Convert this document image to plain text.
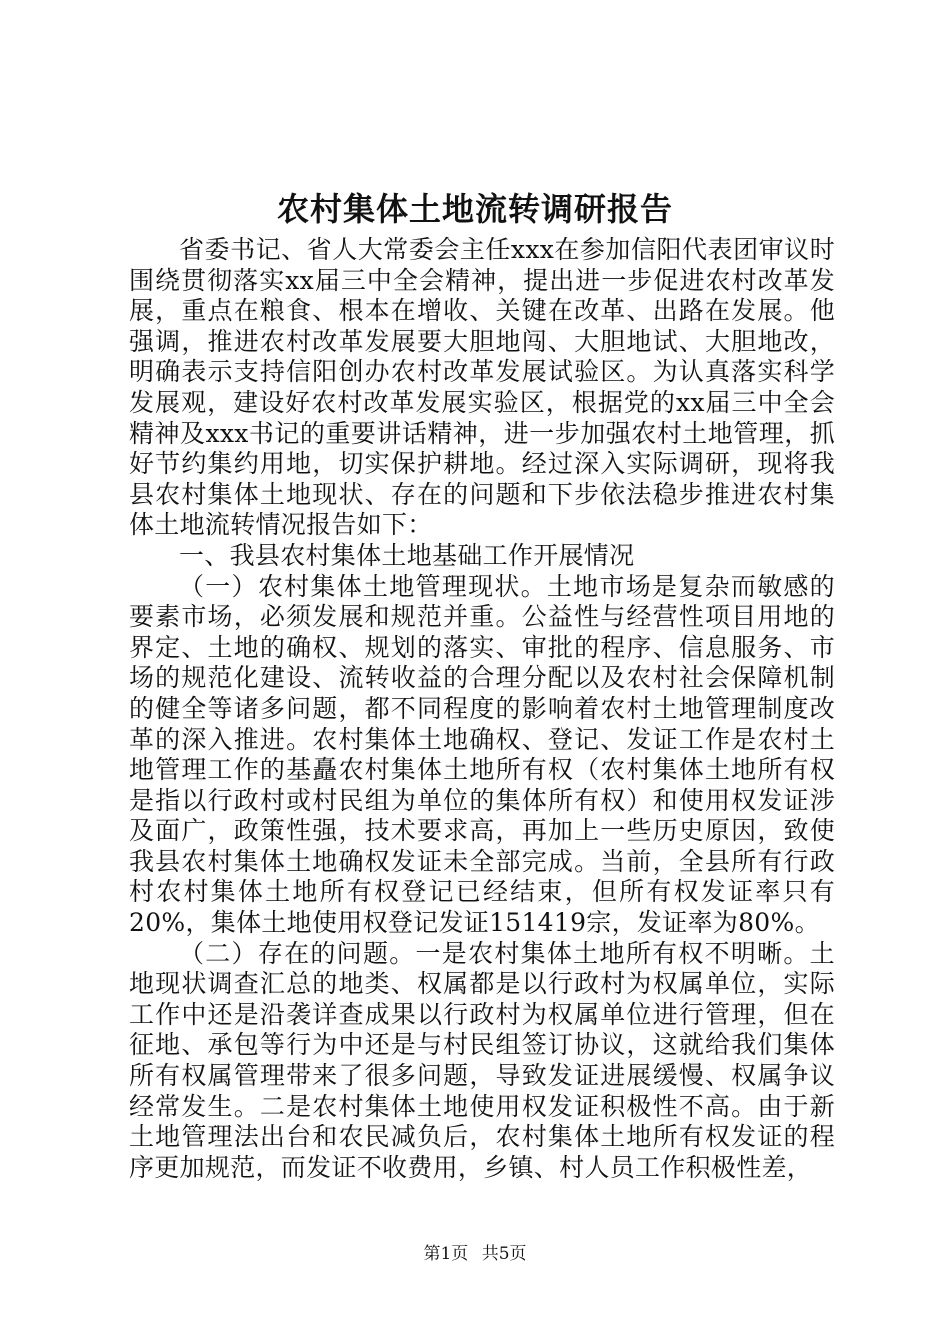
农村集体土地流转调研报告

省委书记、省人大常委会主任xxx在参加信阳代表团审议时围绕贯彻落实xx届三中全会精神，提出进一步促进农村改革发展，重点在粮食、根本在增收、关键在改革、出路在发展。他强调，推进农村改革发展要大胆地闯、大胆地试、大胆地改，明确表示支持信阳创办农村改革发展试验区。为认真落实科学发展观，建设好农村改革发展实验区，根据党的xx届三中全会精神及xxx书记的重要讲话精神，进一步加强农村土地管理，抓好节约集约用地，切实保护耕地。经过深入实际调研，现将我县农村集体土地现状、存在的问题和下步依法稳步推进农村集体土地流转情况报告如下：

一、我县农村集体土地基础工作开展情况

（一）农村集体土地管理现状。土地市场是复杂而敏感的要素市场，必须发展和规范并重。公益性与经营性项目用地的界定、土地的确权、规划的落实、审批的程序、信息服务、市场的规范化建设、流转收益的合理分配以及农村社会保障机制的健全等诸多问题，都不同程度的影响着农村土地管理制度改革的深入推进。农村集体土地确权、登记、发证工作是农村土地管理工作的基矗农村集体土地所有权（农村集体土地所有权是指以行政村或村民组为单位的集体所有权）和使用权发证涉及面广，政策性强，技术要求高，再加上一些历史原因，致使我县农村集体土地确权发证未全部完成。当前，全县所有行政村农村集体土地所有权登记已经结束，但所有权发证率只有20%，集体土地使用权登记发证151419宗，发证率为80%。

（二）存在的问题。一是农村集体土地所有权不明晰。土地现状调查汇总的地类、权属都是以行政村为权属单位，实际工作中还是沿袭详查成果以行政村为权属单位进行管理，但在征地、承包等行为中还是与村民组签订协议，这就给我们集体所有权属管理带来了很多问题，导致发证进展缓慢、权属争议经常发生。二是农村集体土地使用权发证积极性不高。由于新土地管理法出台和农民减负后，农村集体土地所有权发证的程序更加规范，而发证不收费用，乡镇、村人员工作积极性差，

第1页 共5页
